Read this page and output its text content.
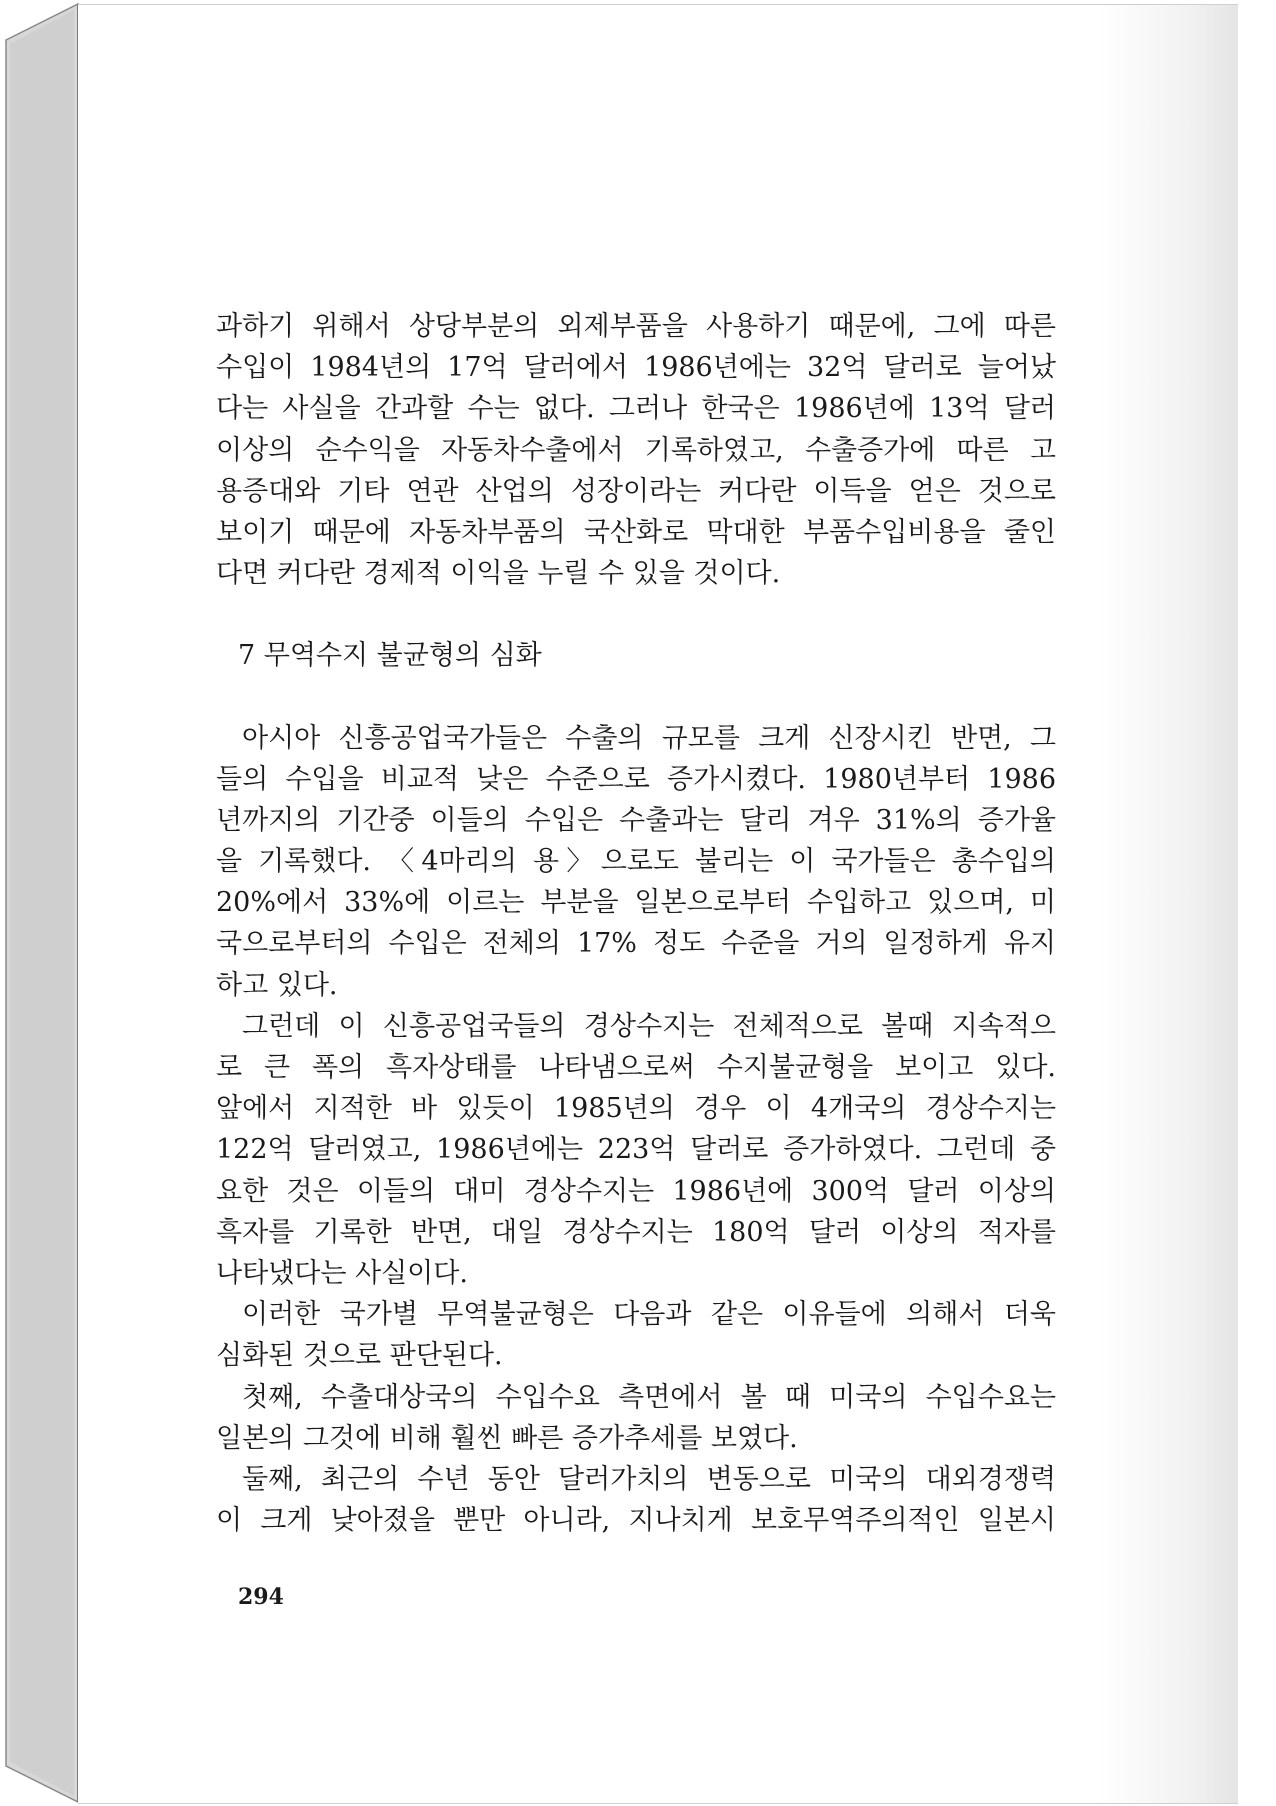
과하기 위해서 상당부분의 외제부품을 사용하기 때문에, 그에 따른
수입이 1984년의 17억 달러에서 1986년에는 32억 달러로 늘어났
다는 사실을 간과할 수는 없다. 그러나 한국은 1986년에 13억 달러
이상의 순수익을 자동차수출에서 기록하였고, 수출증가에 따른 고
용증대와 기타 연관 산업의 성장이라는 커다란 이득을 얻은 것으로
보이기 때문에 자동차부품의 국산화로 막대한 부품수입비용을 줄인
다면 커다란 경제적 이익을 누릴 수 있을 것이다.
7 무역수지 불균형의 심화
아시아 신흥공업국가들은 수출의 규모를 크게 신장시킨 반면, 그
들의 수입을 비교적 낮은 수준으로 증가시켰다. 1980년부터 1986
년까지의 기간중 이들의 수입은 수출과는 달리 겨우 31%의 증가율
을 기록했다. 〈4마리의 용〉으로도 불리는 이 국가들은 총수입의
20%에서 33%에 이르는 부분을 일본으로부터 수입하고 있으며, 미
국으로부터의 수입은 전체의 17% 정도 수준을 거의 일정하게 유지
하고 있다.
그런데 이 신흥공업국들의 경상수지는 전체적으로 볼때 지속적으
로 큰 폭의 흑자상태를 나타냄으로써 수지불균형을 보이고 있다.
앞에서 지적한 바 있듯이 1985년의 경우 이 4개국의 경상수지는
122억 달러였고, 1986년에는 223억 달러로 증가하였다. 그런데 중
요한 것은 이들의 대미 경상수지는 1986년에 300억 달러 이상의
흑자를 기록한 반면, 대일 경상수지는 180억 달러 이상의 적자를
나타냈다는 사실이다.
이러한 국가별 무역불균형은 다음과 같은 이유들에 의해서 더욱
심화된 것으로 판단된다.
첫째, 수출대상국의 수입수요 측면에서 볼 때 미국의 수입수요는
일본의 그것에 비해 훨씬 빠른 증가추세를 보였다.
둘째, 최근의 수년 동안 달러가치의 변동으로 미국의 대외경쟁력
이 크게 낮아졌을 뿐만 아니라, 지나치게 보호무역주의적인 일본시
294
